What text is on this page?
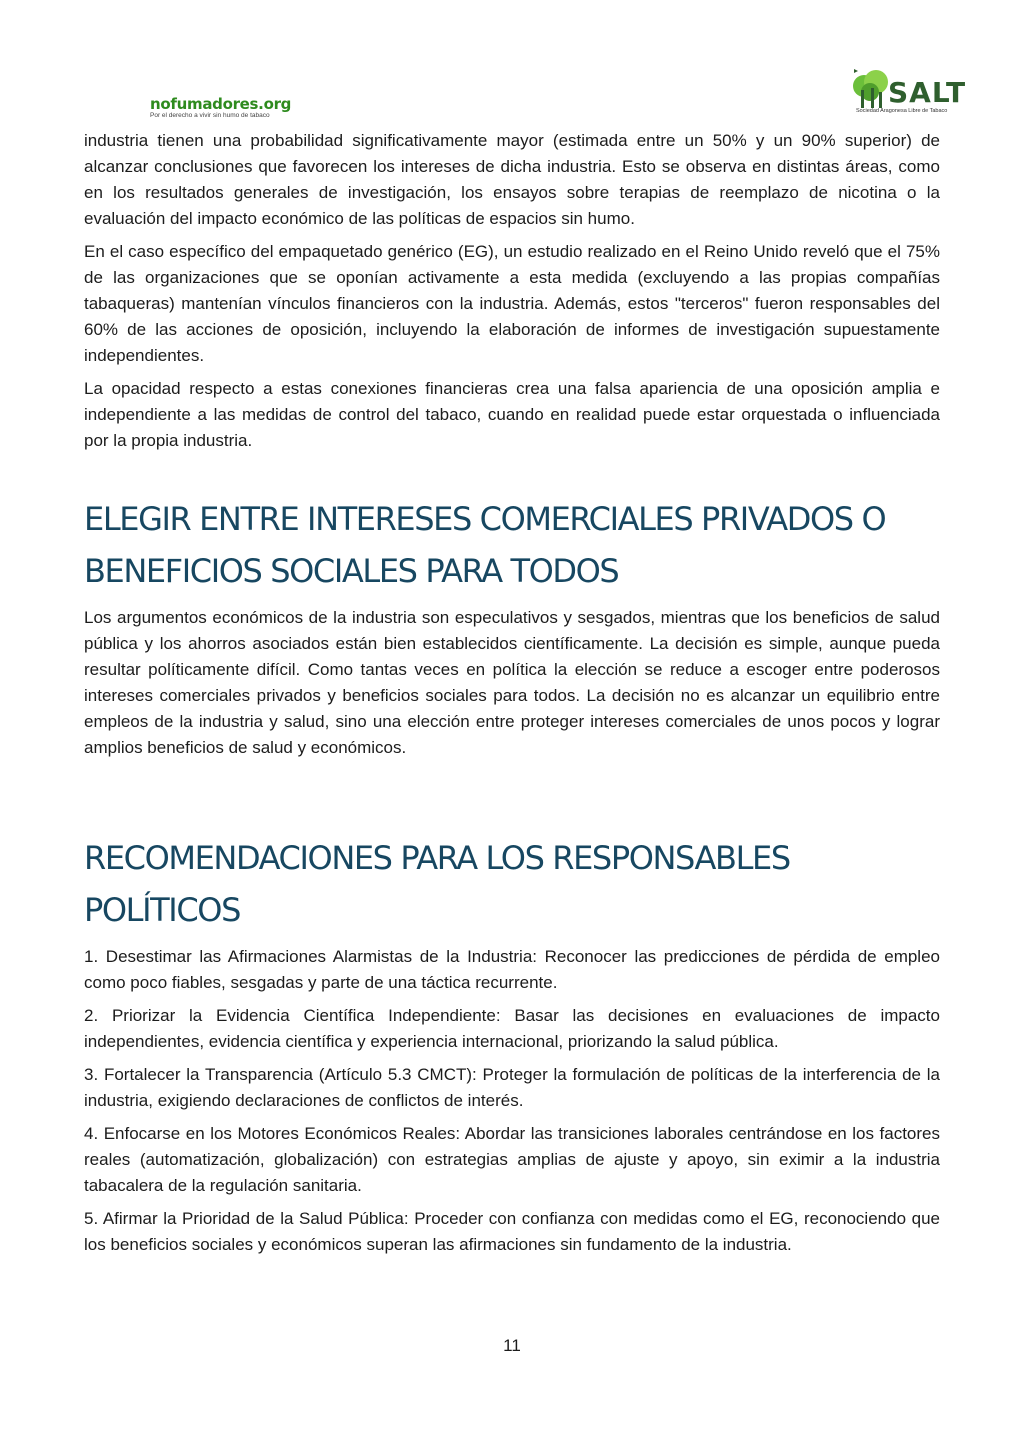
nofumadores.org
Por el derecho a vivir sin humo de tabaco
SALT
Sociedad Aragonesa Libre de Tabaco

industria tienen una probabilidad significativamente mayor (estimada entre un 50% y un 90% superior) de alcanzar conclusiones que favorecen los intereses de dicha industria. Esto se observa en distintas áreas, como en los resultados generales de investigación, los ensayos sobre terapias de reemplazo de nicotina o la evaluación del impacto económico de las políticas de espacios sin humo.

En el caso específico del empaquetado genérico (EG), un estudio realizado en el Reino Unido reveló que el 75% de las organizaciones que se oponían activamente a esta medida (excluyendo a las propias compañías tabaqueras) mantenían vínculos financieros con la industria. Además, estos "terceros" fueron responsables del 60% de las acciones de oposición, incluyendo la elaboración de informes de investigación supuestamente independientes.

La opacidad respecto a estas conexiones financieras crea una falsa apariencia de una oposición amplia e independiente a las medidas de control del tabaco, cuando en realidad puede estar orquestada o influenciada por la propia industria.

ELEGIR ENTRE INTERESES COMERCIALES PRIVADOS O
BENEFICIOS SOCIALES PARA TODOS

Los argumentos económicos de la industria son especulativos y sesgados, mientras que los beneficios de salud pública y los ahorros asociados están bien establecidos científicamente. La decisión es simple, aunque pueda resultar políticamente difícil. Como tantas veces en política la elección se reduce a escoger entre poderosos intereses comerciales privados y beneficios sociales para todos. La decisión no es alcanzar un equilibrio entre empleos de la industria y salud, sino una elección entre proteger intereses comerciales de unos pocos y lograr amplios beneficios de salud y económicos.

RECOMENDACIONES PARA LOS RESPONSABLES
POLÍTICOS

1. Desestimar las Afirmaciones Alarmistas de la Industria: Reconocer las predicciones de pérdida de empleo como poco fiables, sesgadas y parte de una táctica recurrente.

2. Priorizar la Evidencia Científica Independiente: Basar las decisiones en evaluaciones de impacto independientes, evidencia científica y experiencia internacional, priorizando la salud pública.

3. Fortalecer la Transparencia (Artículo 5.3 CMCT): Proteger la formulación de políticas de la interferencia de la industria, exigiendo declaraciones de conflictos de interés.

4. Enfocarse en los Motores Económicos Reales: Abordar las transiciones laborales centrándose en los factores reales (automatización, globalización) con estrategias amplias de ajuste y apoyo, sin eximir a la industria tabacalera de la regulación sanitaria.

5. Afirmar la Prioridad de la Salud Pública: Proceder con confianza con medidas como el EG, reconociendo que los beneficios sociales y económicos superan las afirmaciones sin fundamento de la industria.

11
